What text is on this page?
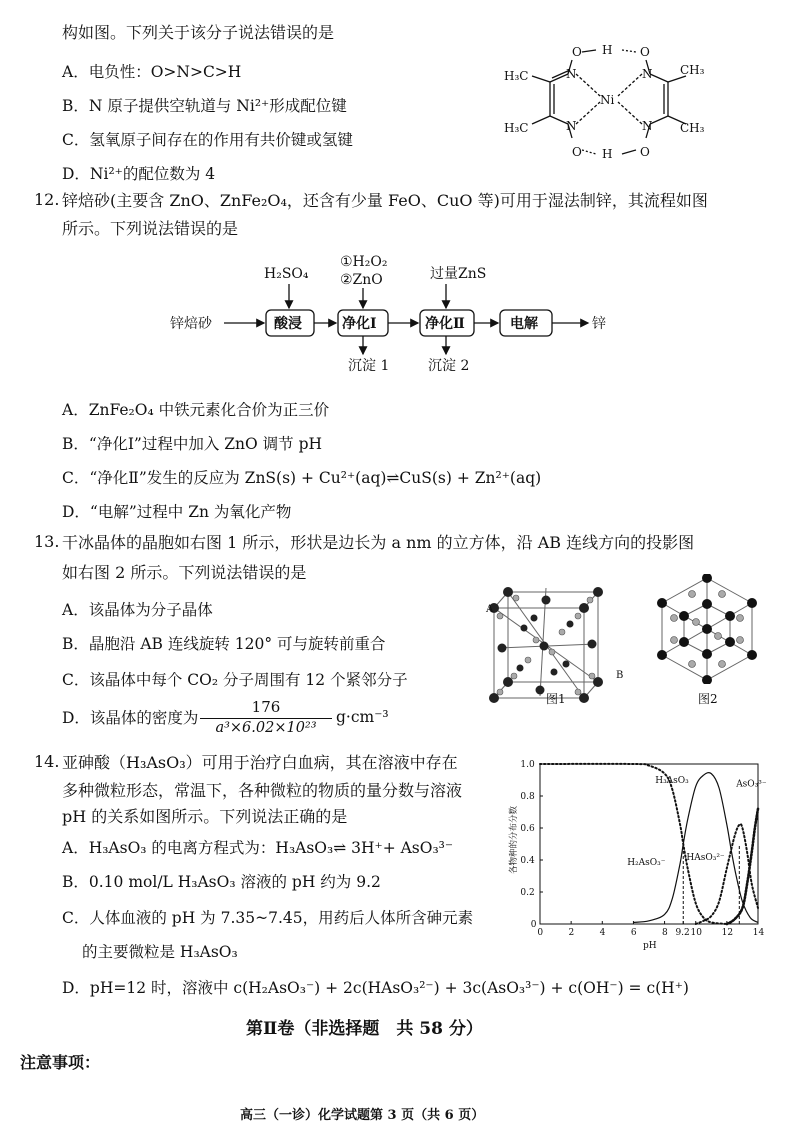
构如图。下列关于该分子说法错误的是
A．电负性：O>N>C>H
B．N 原子提供空轨道与 Ni²⁺形成配位键
C．氢氧原子间存在的作用有共价键或氢键
D．Ni²⁺的配位数为 4
Ni
N
N
N
N
O	O
O	O
H
H
H₃C
H₃C
CH₃
CH₃
12. 锌焙砂(主要含 ZnO、ZnFe₂O₄，还含有少量 FeO、CuO 等)可用于湿法制锌，其流程如图
所示。下列说法错误的是
锌焙砂
H₂SO₄
①H₂O₂
②ZnO	过量ZnS
沉淀 1	沉淀 2
锌
酸浸	净化Ⅰ	净化Ⅱ	电解
A．ZnFe₂O₄ 中铁元素化合价为正三价
B．“净化Ⅰ”过程中加入 ZnO 调节 pH
C．“净化Ⅱ”发生的反应为 ZnS(s) + Cu²⁺(aq)⇌CuS(s) + Zn²⁺(aq)
D．“电解”过程中 Zn 为氧化产物
13. 干冰晶体的晶胞如右图 1 所示，形状是边长为 a nm 的立方体，沿 AB 连线方向的投影图
如右图 2 所示。下列说法错误的是
A．该晶体为分子晶体
B．晶胞沿 AB 连线旋转 120° 可与旋转前重合
C．该晶体中每个 CO₂ 分子周围有 12 个紧邻分子
D．该晶体的密度为
176
a³×6.02×10²³
g·cm⁻³
A
B
图1	图2
14. 亚砷酸（H₃AsO₃）可用于治疗白血病，其在溶液中存在
多种微粒形态，常温下，各种微粒的物质的量分数与溶液
pH 的关系如图所示。下列说法正确的是
A．H₃AsO₃ 的电离方程式为：H₃AsO₃⇌ 3H⁺+ AsO₃³⁻
B．0.10 mol/L H₃AsO₃ 溶液的 pH 约为 9.2
C．人体血液的 pH 为 7.35~7.45，用药后人体所含砷元素
的主要微粒是 H₃AsO₃
D．pH=12 时，溶液中 c(H₂AsO₃⁻) + 2c(HAsO₃²⁻) + 3c(AsO₃³⁻) + c(OH⁻) = c(H⁺)
0	2	4	6	8 9.2 10 12 14
0
0.2
0.4
0.6
0.8
1.0
pH
各物种的分布分数
H₃AsO₃
H₂AsO₃⁻ HAsO₃²⁻
AsO₃³⁻
第Ⅱ卷（非选择题　共 58 分）
注意事项：
高三（一诊）化学试题第 3 页（共 6 页）
